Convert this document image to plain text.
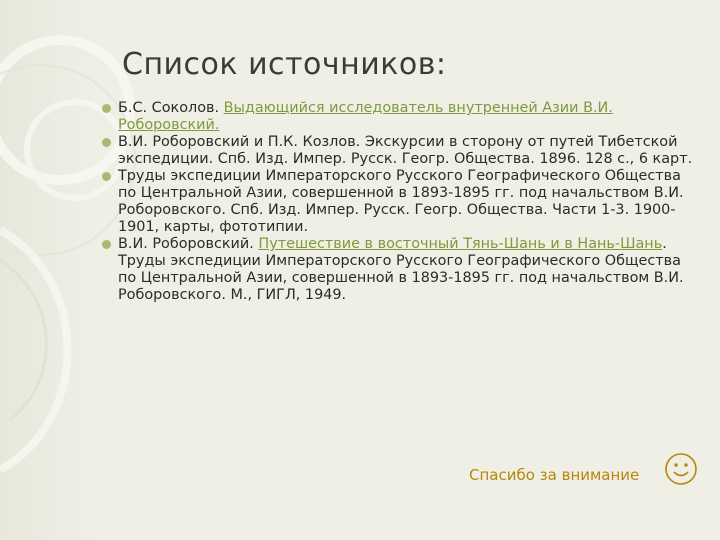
Список источников:
Б.С. Соколов. Выдающийся исследователь внутренней Азии В.И. Роборовский.
В.И. Роборовский и П.К. Козлов. Экскурсии в сторону от путей Тибетской экспедиции. Спб. Изд. Импер. Русск. Геогр. Общества. 1896. 128 с., 6 карт.
Труды экспедиции Императорского Русского Географического Общества по Центральной Азии, совершенной в 1893-1895 гг. под начальством В.И. Роборовского. Спб. Изд. Импер. Русск. Геогр. Общества. Части 1-3. 1900-1901, карты, фототипии.
В.И. Роборовский. Путешествие в восточный Тянь-Шань и в Нань-Шань. Труды экспедиции Императорского Русского Географического Общества по Центральной Азии, совершенной в 1893-1895 гг. под начальством В.И. Роборовского. М., ГИГЛ, 1949.
Спасибо за внимание
